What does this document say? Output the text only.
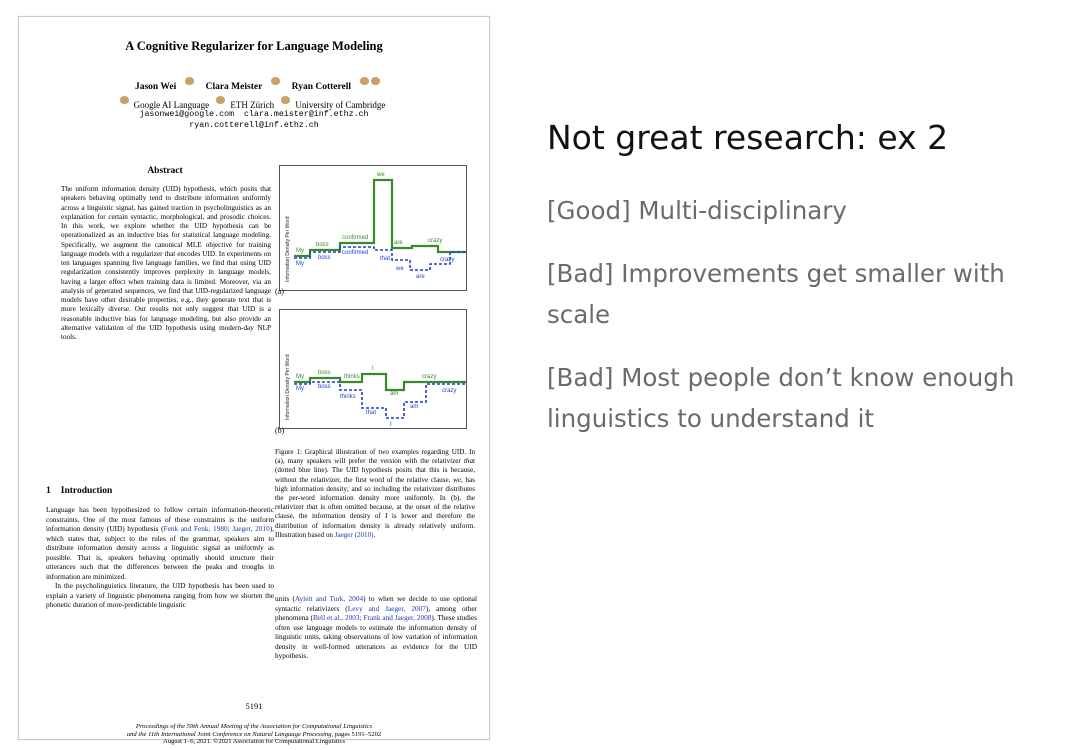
A Cognitive Regularizer for Language Modeling
Jason Wei	Clara Meister	Ryan Cotterell
Google AI Language ETH Zürich University of Cambridge
jasonwei@google.com  clara.meister@inf.ethz.ch
ryan.cotterell@inf.ethz.ch
Abstract
The uniform information density (UID) hypothesis, which posits that speakers behaving optimally tend to distribute information uniformly across a linguistic signal, has gained traction in psycholinguistics as an explanation for certain syntactic, morphological, and prosodic choices. In this work, we explore whether the UID hypothesis can be operationalized as an inductive bias for statistical language modeling. Specifically, we augment the canonical MLE objective for training language models with a regularizer that encodes UID. In experiments on ten languages spanning five language families, we find that using UID regularization consistently improves perplexity in language models, having a larger effect when training data is limited. Moreover, via an analysis of generated sequences, we find that UID-regularized language models have other desirable properties, e.g., they generate text that is more lexically diverse. Our results not only suggest that UID is a reasonable inductive bias for language modeling, but also provide an alternative validation of the UID hypothesis using modern-day NLP tools.
Information Density Per Word My
boss
confirmed
we
are	crazy
My
boss
confirmed
that
we
are
crazy
(a)
Information Density Per Word My
boss
thinks
I
am
crazy
My boss
thinks
that
I
am
crazy
(b)
Figure 1: Graphical illustration of two examples regarding UID. In (a), many speakers will prefer the version with the relativizer that (dotted blue line). The UID hypothesis posits that this is because, without the relativizer, the first word of the relative clause, we, has high information density; and so including the relativizer distributes the per-word information density more uniformly. In (b), the relativizer that is often omitted because, at the onset of the relative clause, the information density of I is lower and therefore the distribution of information density is already relatively uniform. Illustration based on Jaeger (2010).
1 Introduction

Language has been hypothesized to follow certain information-theoretic constraints. One of the most famous of these constraints is the uniform information density (UID) hypothesis (Fenk and Fenk, 1980; Jaeger, 2010), which states that, subject to the rules of the grammar, speakers aim to distribute information density across a linguistic signal as uniformly as possible. That is, speakers behaving optimally should structure their utterances such that the differences between the peaks and troughs in information are minimized.

In the psycholinguistics literature, the UID hypothesis has been used to explain a variety of linguistic phenomena ranging from how we shorten the phonetic duration of more-predictable linguistic

units (Aylett and Turk, 2004) to when we decide to use optional syntactic relativizers (Levy and Jaeger, 2007), among other phenomena (Bell et al., 2003; Frank and Jaeger, 2008). These studies often use language models to estimate the information density of linguistic units, taking observations of low variation of information density in well-formed utterances as evidence for the UID hypothesis.
5191
Proceedings of the 59th Annual Meeting of the Association for Computational Linguistics
and the 11th International Joint Conference on Natural Language Processing, pages 5191–5202
August 1–6, 2021. ©2021 Association for Computational Linguistics
Not great research: ex 2
[Good] Multi-disciplinary
[Bad] Improvements get smaller with scale
[Bad] Most people don’t know enough linguistics to understand it
